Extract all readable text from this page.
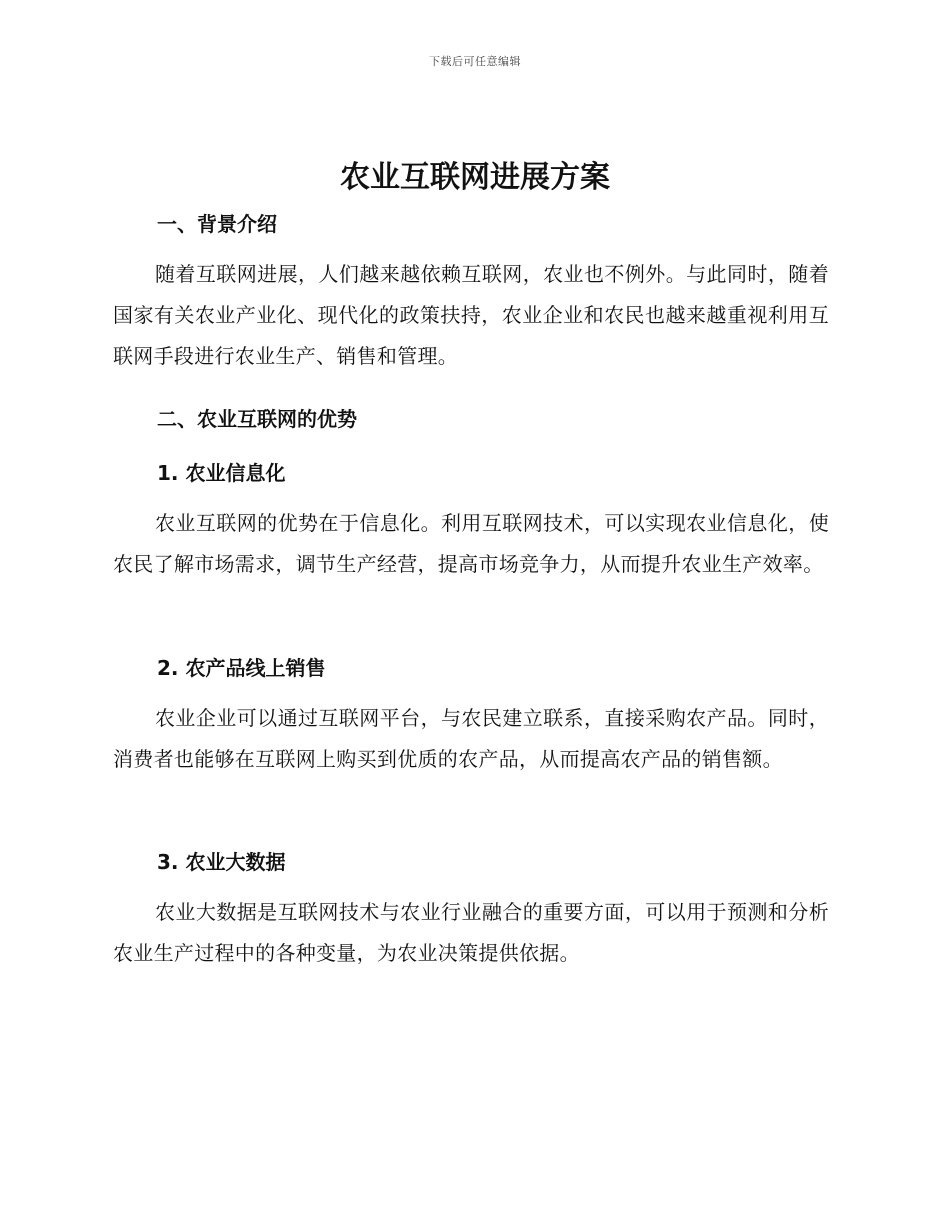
下载后可任意编辑
农业互联网进展方案
一、背景介绍

随着互联网进展，人们越来越依赖互联网，农业也不例外。与此同时，随着国家有关农业产业化、现代化的政策扶持，农业企业和农民也越来越重视利用互联网手段进行农业生产、销售和管理。

二、农业互联网的优势
1. 农业信息化

农业互联网的优势在于信息化。利用互联网技术，可以实现农业信息化，使农民了解市场需求，调节生产经营，提高市场竞争力，从而提升农业生产效率。

2. 农产品线上销售

农业企业可以通过互联网平台，与农民建立联系，直接采购农产品。同时，消费者也能够在互联网上购买到优质的农产品，从而提高农产品的销售额。

3. 农业大数据

农业大数据是互联网技术与农业行业融合的重要方面，可以用于预测和分析农业生产过程中的各种变量，为农业决策提供依据。
